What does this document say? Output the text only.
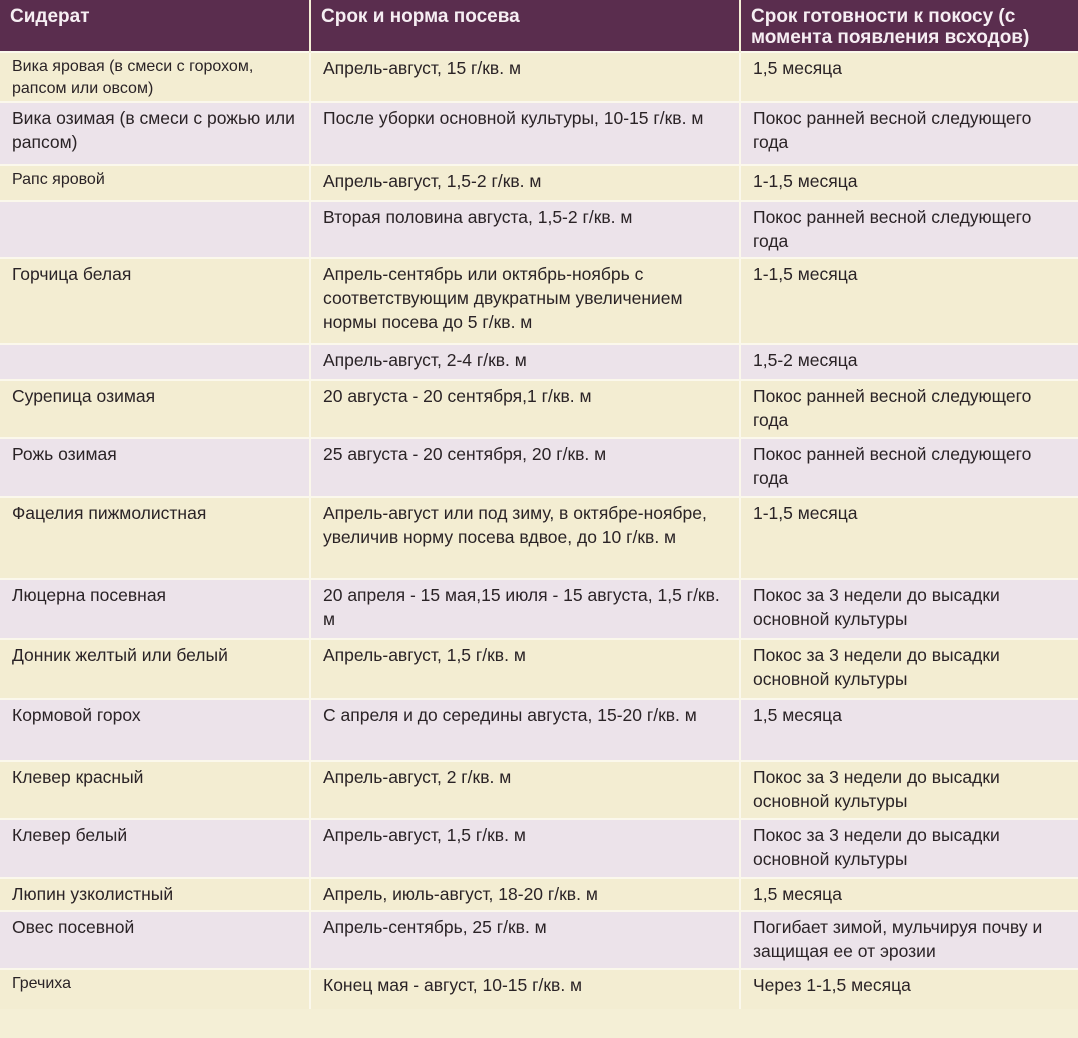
Сидерат	Срок и норма посева	Срок готовности к покосу (с момента появления всходов)
Вика яровая (в смеси с горохом, рапсом или овсом)	Апрель-август, 15 г/кв. м	1,5 месяца
Вика озимая (в смеси с рожью или рапсом)	После уборки основной культуры, 10-15 г/кв. м	Покос ранней весной следующего года
Рапс яровой	Апрель-август, 1,5-2 г/кв. м	1-1,5 месяца
	Вторая половина августа, 1,5-2 г/кв. м	Покос ранней весной следующего года
Горчица белая	Апрель-сентябрь или октябрь-ноябрь с соответствующим двукратным увеличением нормы посева до 5 г/кв. м	1-1,5 месяца
	Апрель-август, 2-4 г/кв. м	1,5-2 месяца
Сурепица озимая	20 августа - 20 сентября,1 г/кв. м	Покос ранней весной следующего года
Рожь озимая	25 августа - 20 сентября, 20 г/кв. м	Покос ранней весной следующего года
Фацелия пижмолистная	Апрель-август или под зиму, в октябре-ноябре, увеличив норму посева вдвое, до 10 г/кв. м	1-1,5 месяца
Люцерна посевная	20 апреля - 15 мая,15 июля - 15 августа, 1,5 г/кв. м	Покос за 3 недели до высадки основной культуры
Донник желтый или белый	Апрель-август, 1,5 г/кв. м	Покос за 3 недели до высадки основной культуры
Кормовой горох	С апреля и до середины августа, 15-20 г/кв. м	1,5 месяца
Клевер красный	Апрель-август, 2 г/кв. м	Покос за 3 недели до высадки основной культуры
Клевер белый	Апрель-август, 1,5 г/кв. м	Покос за 3 недели до высадки основной культуры
Люпин узколистный	Апрель, июль-август, 18-20 г/кв. м	1,5 месяца
Овес посевной	Апрель-сентябрь, 25 г/кв. м	Погибает зимой, мульчируя почву и защищая ее от эрозии
Гречиха	Конец мая - август, 10-15 г/кв. м	Через 1-1,5 месяца
